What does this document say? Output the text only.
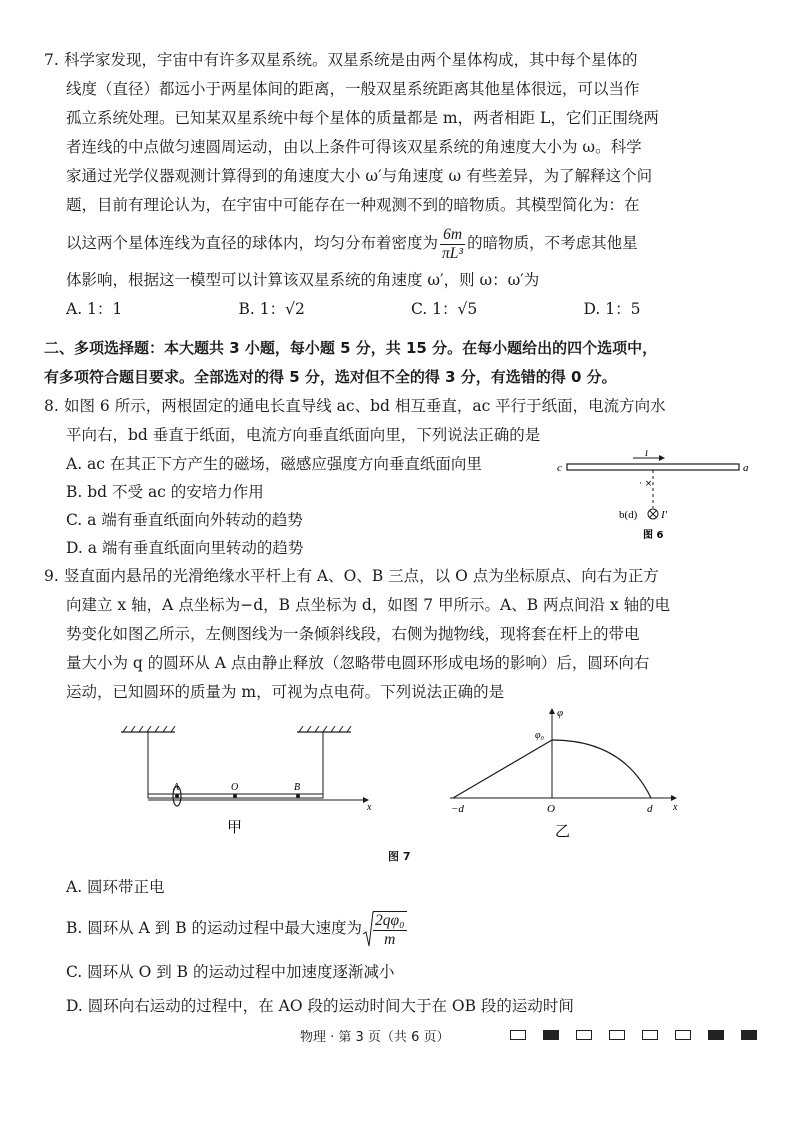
7. 科学家发现，宇宙中有许多双星系统。双星系统是由两个星体构成，其中每个星体的

线度（直径）都远小于两星体间的距离，一般双星系统距离其他星体很远，可以当作

孤立系统处理。已知某双星系统中每个星体的质量都是 m，两者相距 L，它们正围绕两

者连线的中点做匀速圆周运动，由以上条件可得该双星系统的角速度大小为 ω。科学

家通过光学仪器观测计算得到的角速度大小 ω′与角速度 ω 有些差异，为了解释这个问

题，目前有理论认为，在宇宙中可能存在一种观测不到的暗物质。其模型简化为：在

以这两个星体连线为直径的球体内，均匀分布着密度为 $\frac{6m}{\text{πL³}}$ 的暗物质，不考虑其他星

体影响，根据这一模型可以计算该双星系统的角速度 ω′，则 ω：ω′为

A. 1：1	B. 1：√2	C. 1：√5	D. 1：5

二、多项选择题：本大题共 3 小题，每小题 5 分，共 15 分。在每小题给出的四个选项中，

有多项符合题目要求。全部选对的得 5 分，选对但不全的得 3 分，有选错的得 0 分。

8. 如图 6 所示，两根固定的通电长直导线 ac、bd 相互垂直，ac 平行于纸面，电流方向水

平向右，bd 垂直于纸面，电流方向垂直纸面向里，下列说法正确的是

A. ac 在其正下方产生的磁场，磁感应强度方向垂直纸面向里

B. bd 不受 ac 的安培力作用

C. a 端有垂直纸面向外转动的趋势

D. a 端有垂直纸面向里转动的趋势

c	a
I
· ×
b(d) I′
图 6

9. 竖直面内悬吊的光滑绝缘水平杆上有 A、O、B 三点，以 O 点为坐标原点、向右为正方

向建立 x 轴，A 点坐标为−d，B 点坐标为 d，如图 7 甲所示。A、B 两点间沿 x 轴的电

势变化如图乙所示，左侧图线为一条倾斜线段，右侧为抛物线，现将套在杆上的带电

量大小为 q 的圆环从 A 点由静止释放（忽略带电圆环形成电场的影响）后，圆环向右

运动，已知圆环的质量为 m，可视为点电荷。下列说法正确的是

x
A	O	B
甲
x
φ
φ₀
−d	O	d
乙
图 7

A. 圆环带正电

B. 圆环从 A 到 B 的运动过程中最大速度为 $\frac{\text{2qφ₀}}{m}$

C. 圆环从 O 到 B 的运动过程中加速度逐渐减小

D. 圆环向右运动的过程中，在 AO 段的运动时间大于在 OB 段的运动时间

物理 · 第 3 页（共 6 页）
